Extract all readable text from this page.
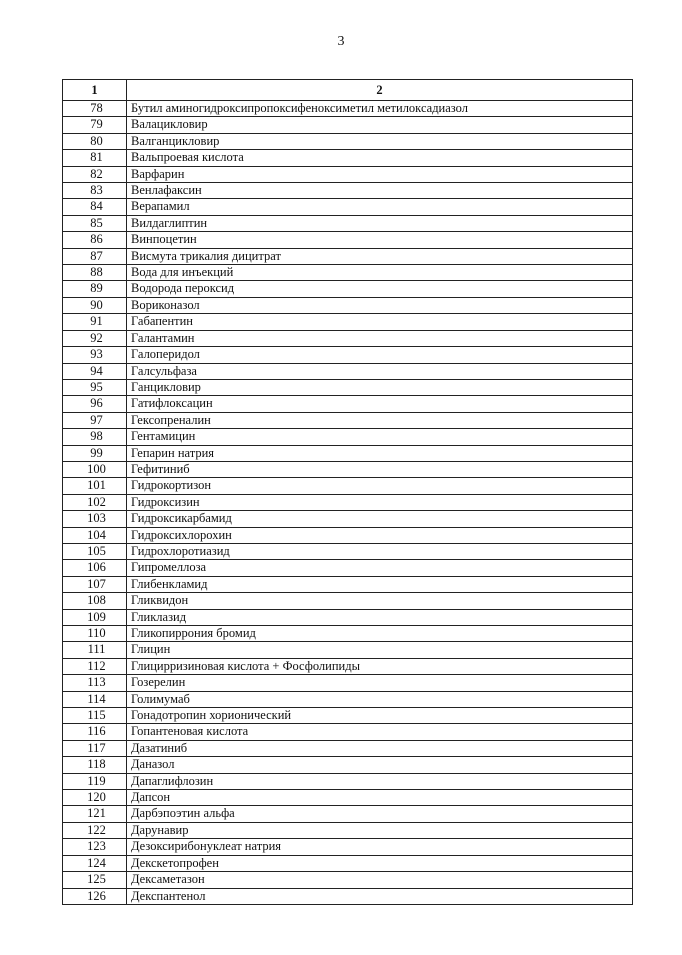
3
1	2
78	Бутил аминогидроксипропоксифеноксиметил метилоксадиазол
79	Валацикловир
80	Валганцикловир
81	Вальпроевая кислота
82	Варфарин
83	Венлафаксин
84	Верапамил
85	Вилдаглиптин
86	Винпоцетин
87	Висмута трикалия дицитрат
88	Вода для инъекций
89	Водорода пероксид
90	Вориконазол
91	Габапентин
92	Галантамин
93	Галоперидол
94	Галсульфаза
95	Ганцикловир
96	Гатифлоксацин
97	Гексопреналин
98	Гентамицин
99	Гепарин натрия
100	Гефитиниб
101	Гидрокортизон
102	Гидроксизин
103	Гидроксикарбамид
104	Гидроксихлорохин
105	Гидрохлоротиазид
106	Гипромеллоза
107	Глибенкламид
108	Гликвидон
109	Гликлазид
110	Гликопиррония бромид
111	Глицин
112	Глицирризиновая кислота + Фосфолипиды
113	Гозерелин
114	Голимумаб
115	Гонадотропин хорионический
116	Гопантеновая кислота
117	Дазатиниб
118	Даназол
119	Дапаглифлозин
120	Дапсон
121	Дарбэпоэтин альфа
122	Дарунавир
123	Дезоксирибонуклеат натрия
124	Декскетопрофен
125	Дексаметазон
126	Декспантенол
